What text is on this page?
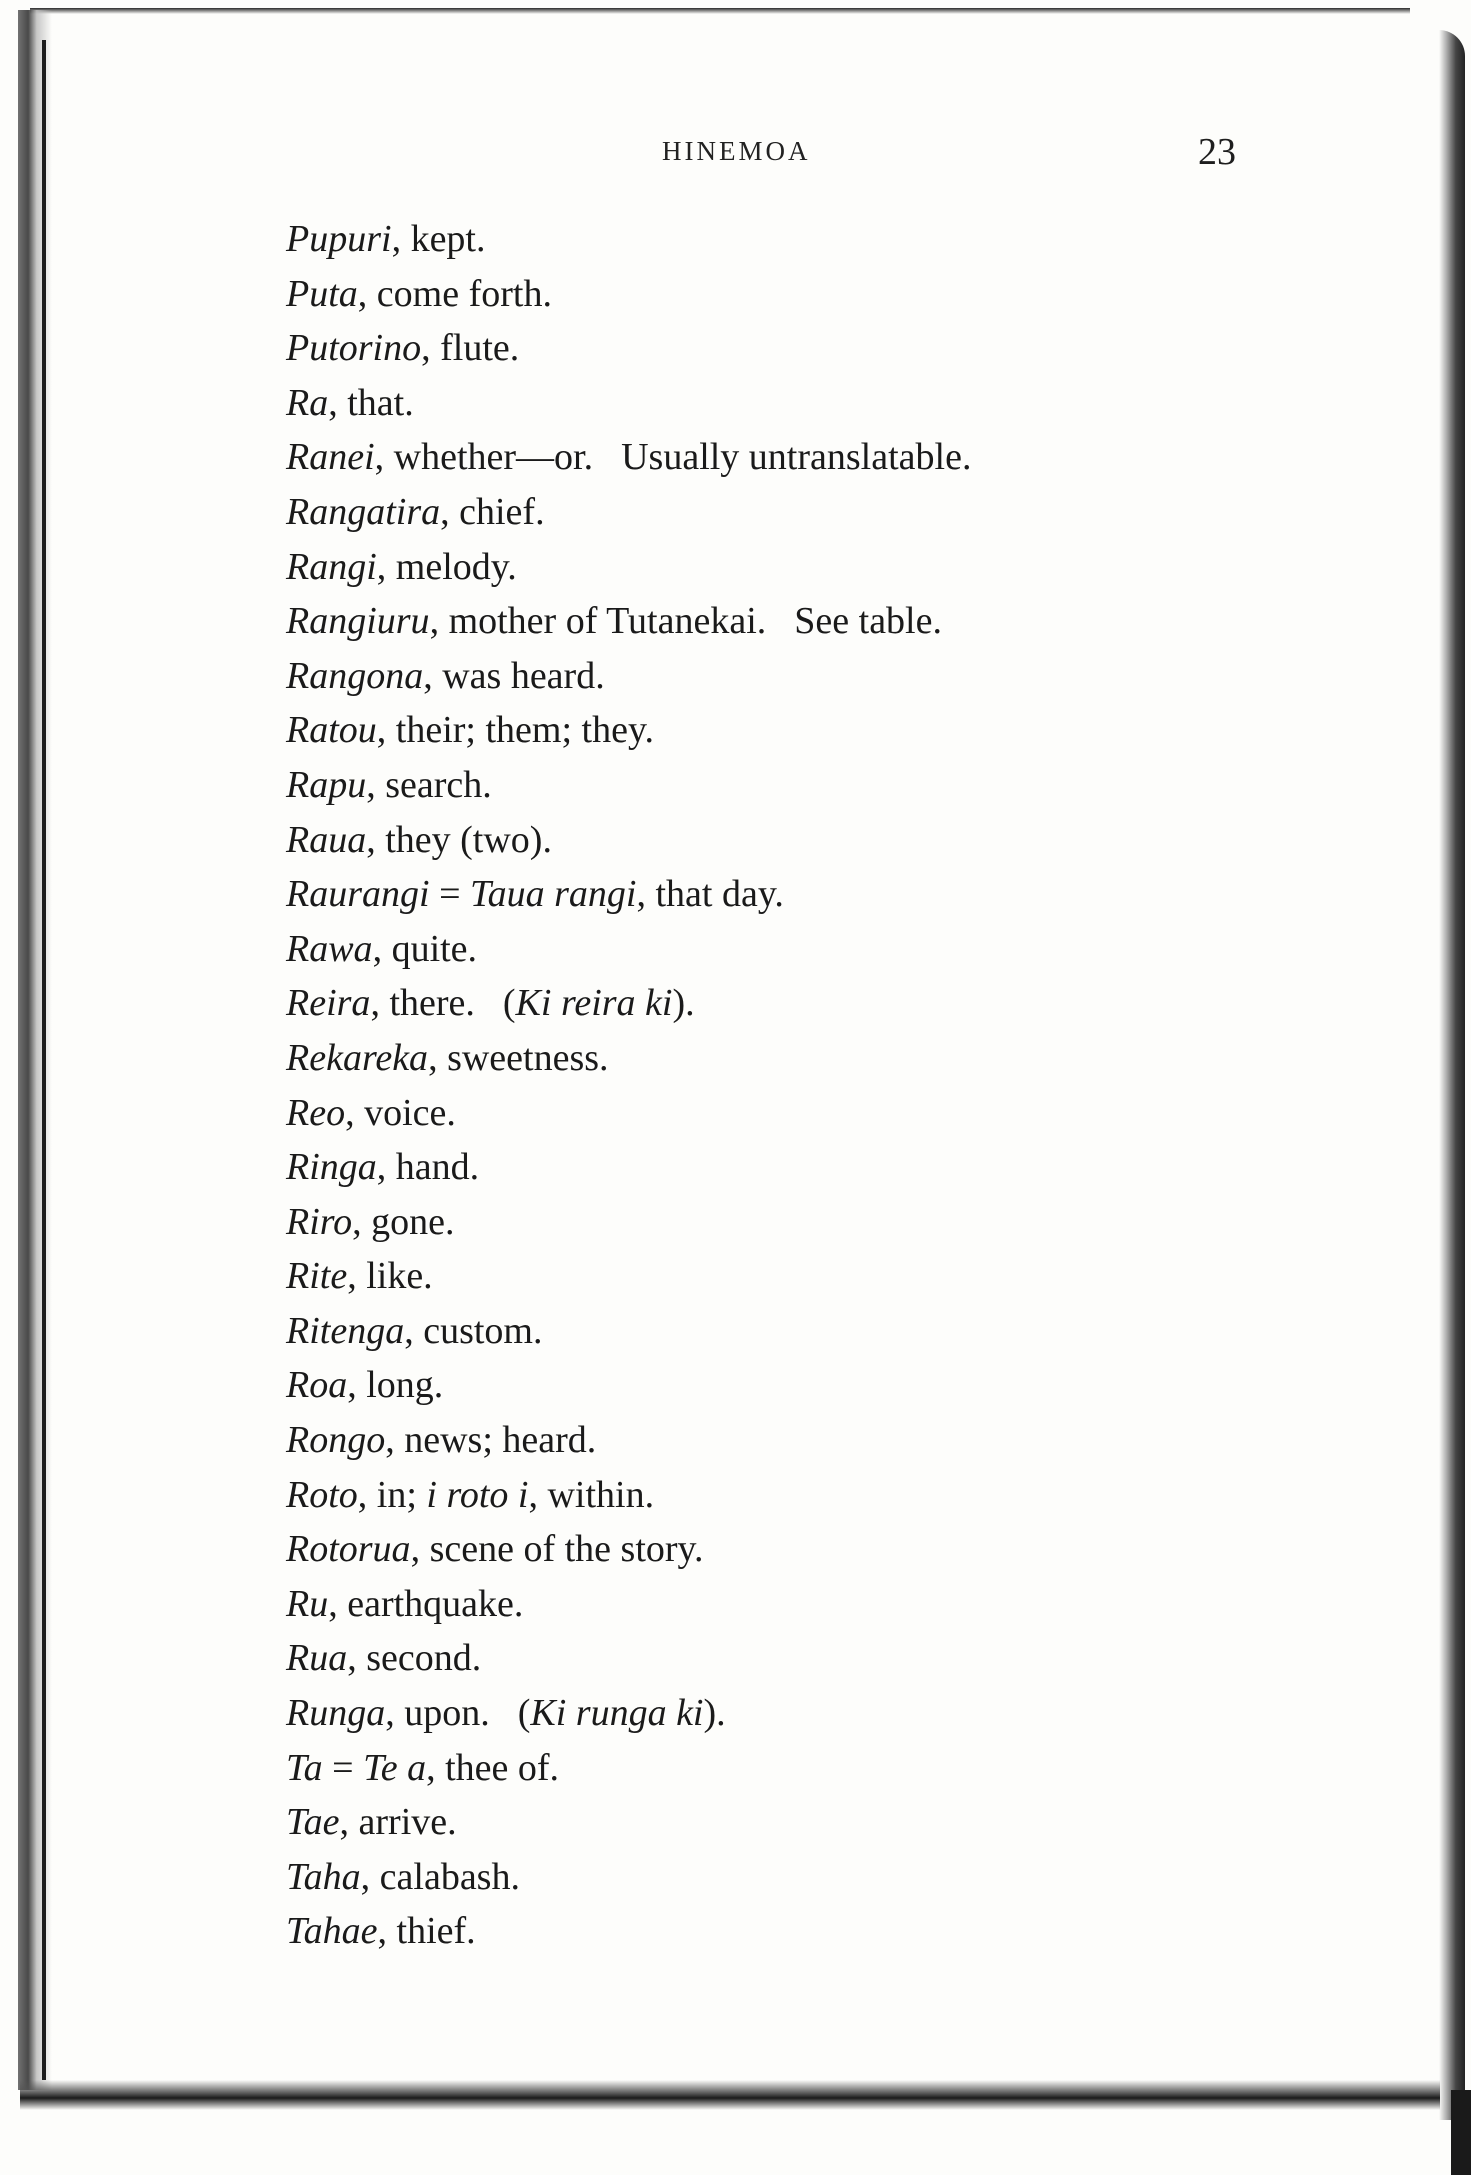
HINEMOA	23
Pupuri, kept.
Puta, come forth.
Putorino, flute.
Ra, that.
Ranei, whether—or. Usually untranslatable.
Rangatira, chief.
Rangi, melody.
Rangiuru, mother of Tutanekai. See table.
Rangona, was heard.
Ratou, their; them; they.
Rapu, search.
Raua, they (two).
Raurangi = Taua rangi, that day.
Rawa, quite.
Reira, there. (Ki reira ki).
Rekareka, sweetness.
Reo, voice.
Ringa, hand.
Riro, gone.
Rite, like.
Ritenga, custom.
Roa, long.
Rongo, news; heard.
Roto, in; i roto i, within.
Rotorua, scene of the story.
Ru, earthquake.
Rua, second.
Runga, upon. (Ki runga ki).
Ta = Te a, thee of.
Tae, arrive.
Taha, calabash.
Tahae, thief.
